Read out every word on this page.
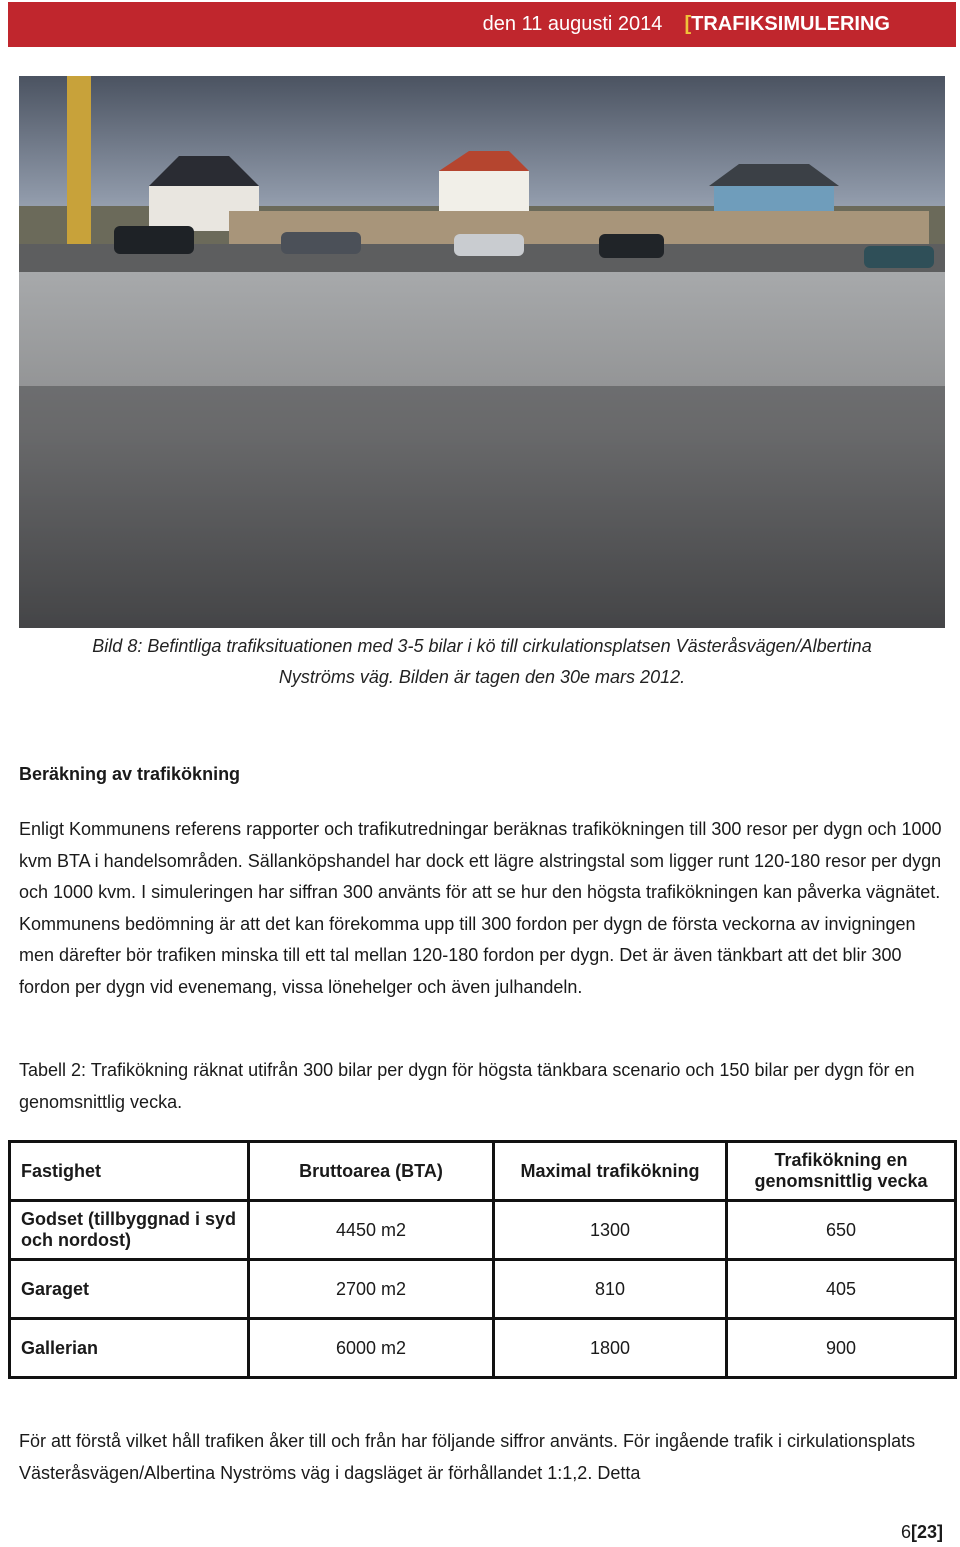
den 11 augusti 2014 [ TRAFIKSIMULERING
Bild 8: Befintliga trafiksituationen med 3-5 bilar i kö till cirkulationsplatsen Västeråsvägen/Albertina
Nyströms väg. Bilden är tagen den 30e mars 2012.
Beräkning av trafikökning

Enligt Kommunens referens rapporter och trafikutredningar beräknas trafikökningen till 300 resor per dygn och 1000 kvm BTA i handelsområden. Sällanköpshandel har dock ett lägre alstringstal som ligger runt 120-180 resor per dygn och 1000 kvm. I simuleringen har siffran 300 använts för att se hur den högsta trafikökningen kan påverka vägnätet. Kommunens bedömning är att det kan förekomma upp till 300 fordon per dygn de första veckorna av invigningen men därefter bör trafiken minska till ett tal mellan 120-180 fordon per dygn. Det är även tänkbart att det blir 300 fordon per dygn vid evenemang, vissa lönehelger och även julhandeln.

Tabell 2: Trafikökning räknat utifrån 300 bilar per dygn för högsta tänkbara scenario och 150 bilar per dygn för en genomsnittlig vecka.

Fastighet	Bruttoarea (BTA)	Maximal trafikökning	Trafikökning en genomsnittlig vecka
Godset (tillbyggnad i syd och nordost)	4450 m2	1300	650
Garaget	2700 m2	810	405
Gallerian	6000 m2	1800	900

För att förstå vilket håll trafiken åker till och från har följande siffror använts. För ingående trafik i cirkulationsplats Västeråsvägen/Albertina Nyströms väg i dagsläget är förhållandet 1:1,2. Detta

6[23]
